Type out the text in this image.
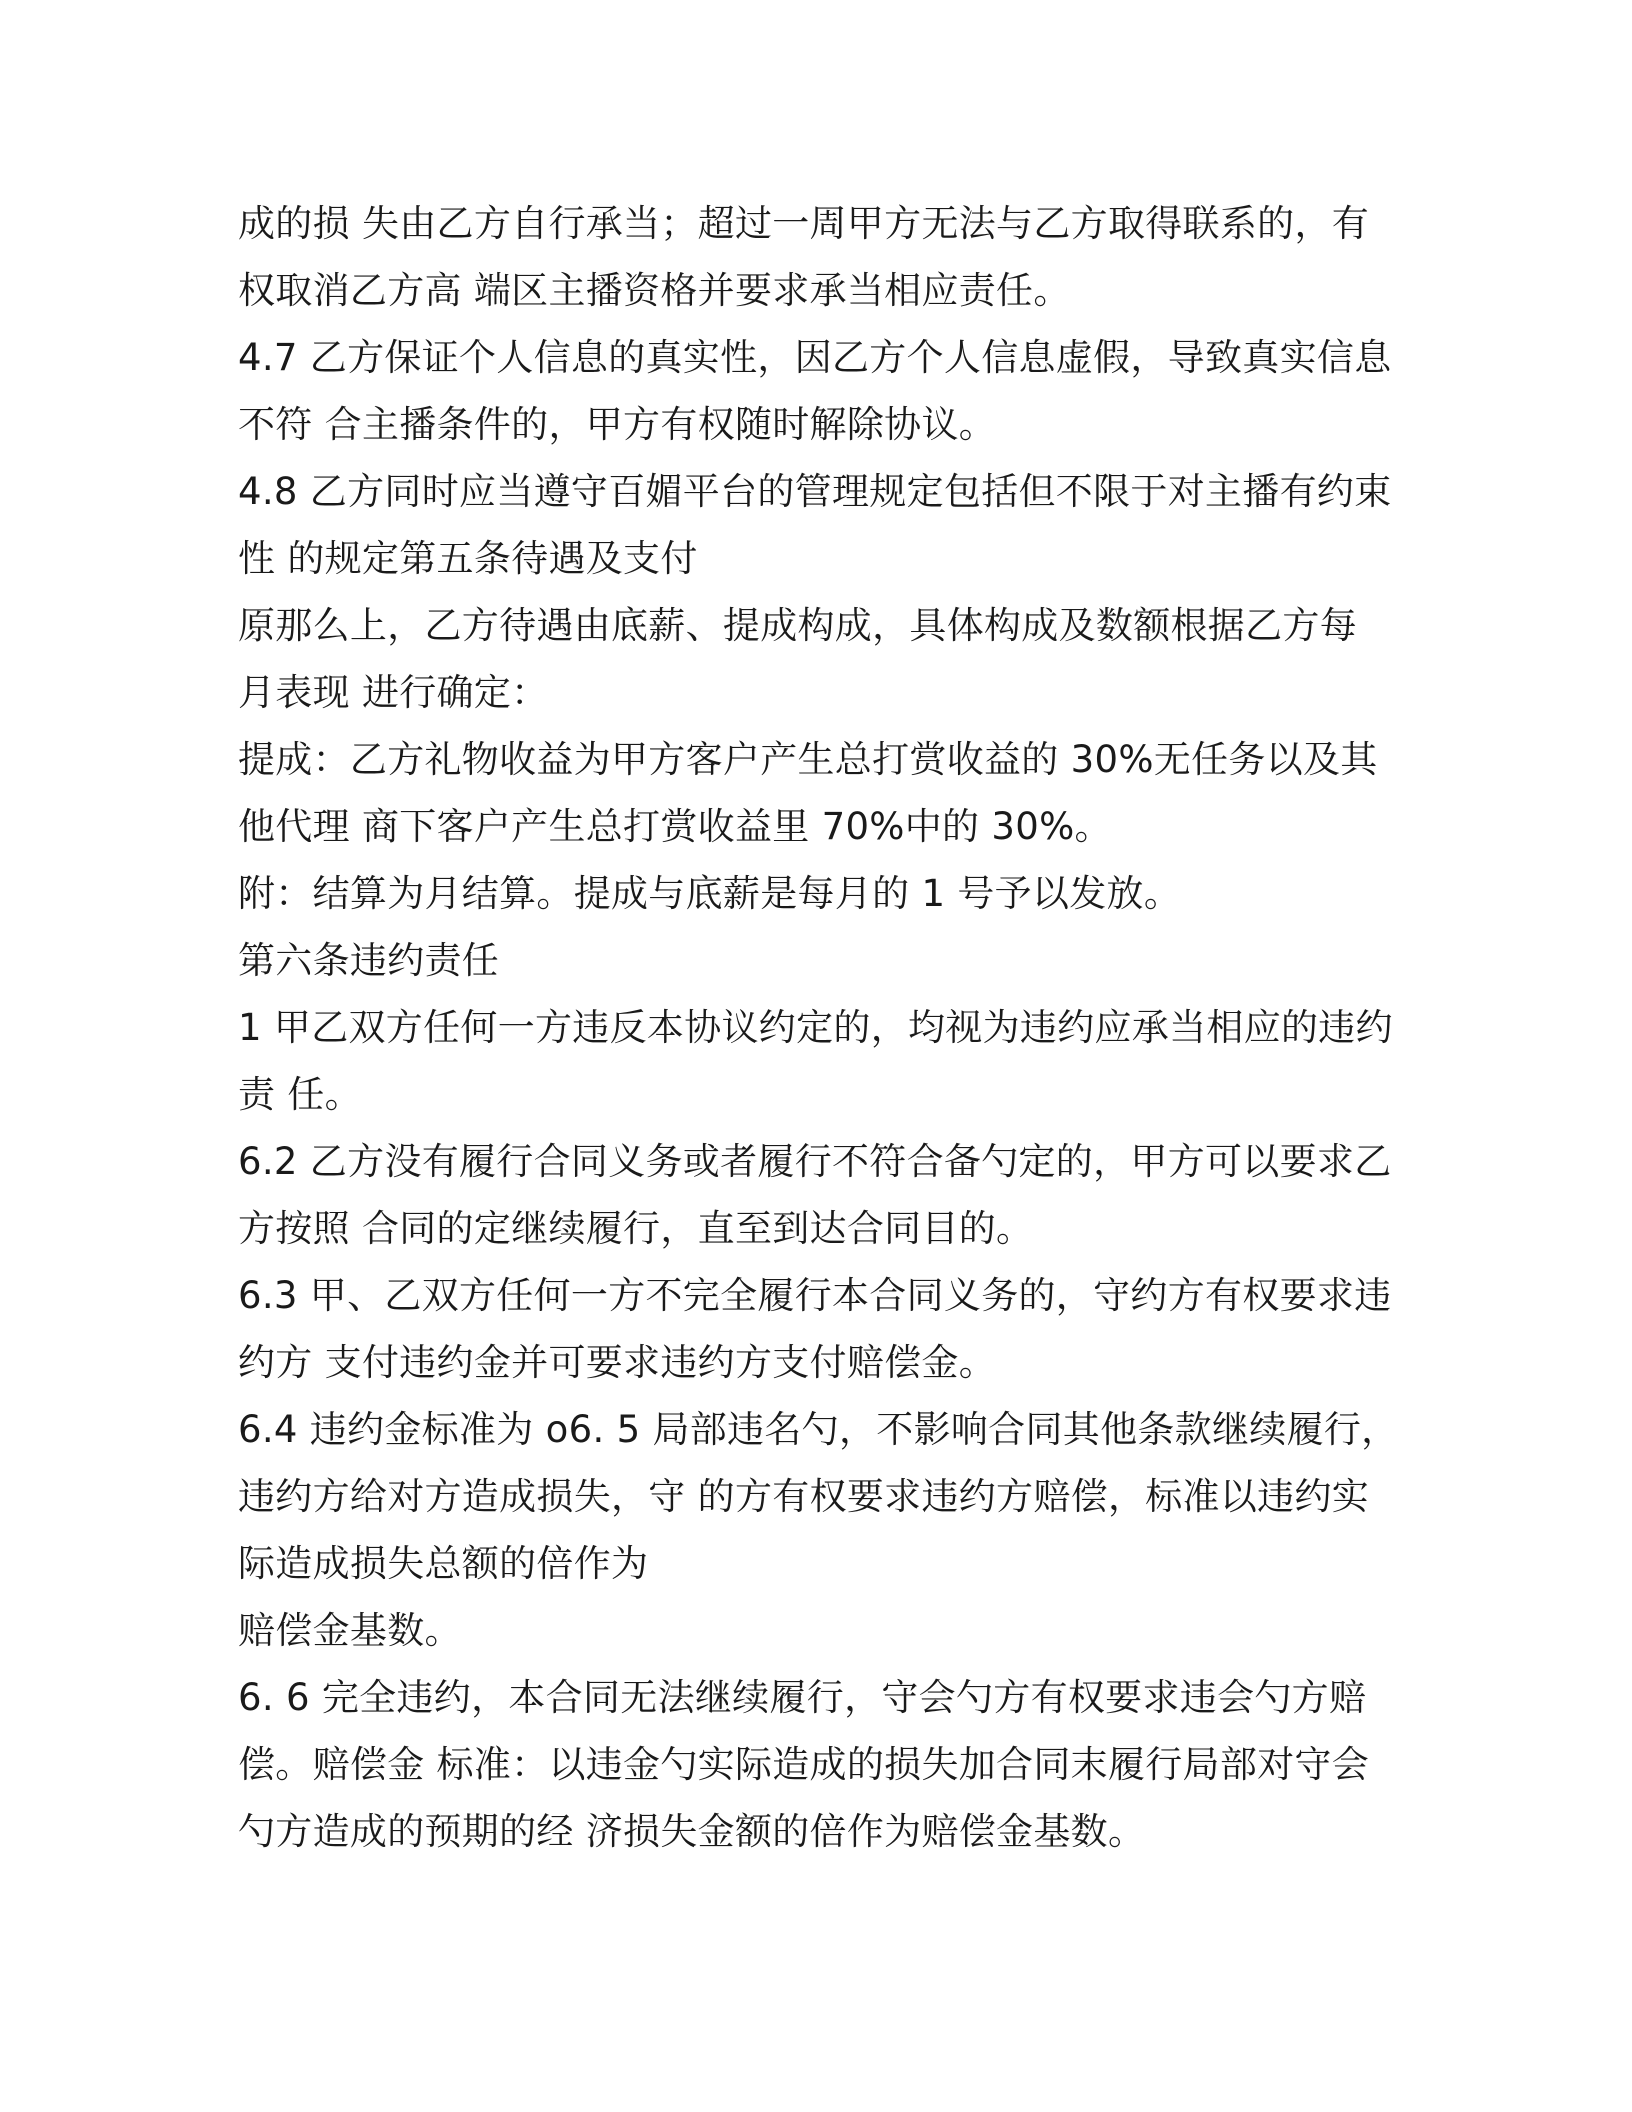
成的损 失由乙方自行承当；超过一周甲方无法与乙方取得联系的，有
权取消乙方高 端区主播资格并要求承当相应责任。
4.7 乙方保证个人信息的真实性，因乙方个人信息虚假，导致真实信息
不符 合主播条件的，甲方有权随时解除协议。
4.8 乙方同时应当遵守百媚平台的管理规定包括但不限于对主播有约束
性 的规定第五条待遇及支付
原那么上，乙方待遇由底薪、提成构成，具体构成及数额根据乙方每
月表现 进行确定：
提成：乙方礼物收益为甲方客户产生总打赏收益的 30%无任务以及其
他代理 商下客户产生总打赏收益里 70%中的 30%。
附：结算为月结算。提成与底薪是每月的 1 号予以发放。
第六条违约责任
1 甲乙双方任何一方违反本协议约定的，均视为违约应承当相应的违约
责 任。
6.2 乙方没有履行合同义务或者履行不符合备勺定的，甲方可以要求乙
方按照 合同的定继续履行，直至到达合同目的。
6.3 甲、乙双方任何一方不完全履行本合同义务的，守约方有权要求违
约方 支付违约金并可要求违约方支付赔偿金。
6.4 违约金标准为 o6. 5 局部违名勺，不影响合同其他条款继续履行，
违约方给对方造成损失，守 的方有权要求违约方赔偿，标准以违约实
际造成损失总额的倍作为
赔偿金基数。
6. 6 完全违约，本合同无法继续履行，守会勺方有权要求违会勺方赔
偿。赔偿金 标准：以违金勺实际造成的损失加合同末履行局部对守会
勺方造成的预期的经 济损失金额的倍作为赔偿金基数。
